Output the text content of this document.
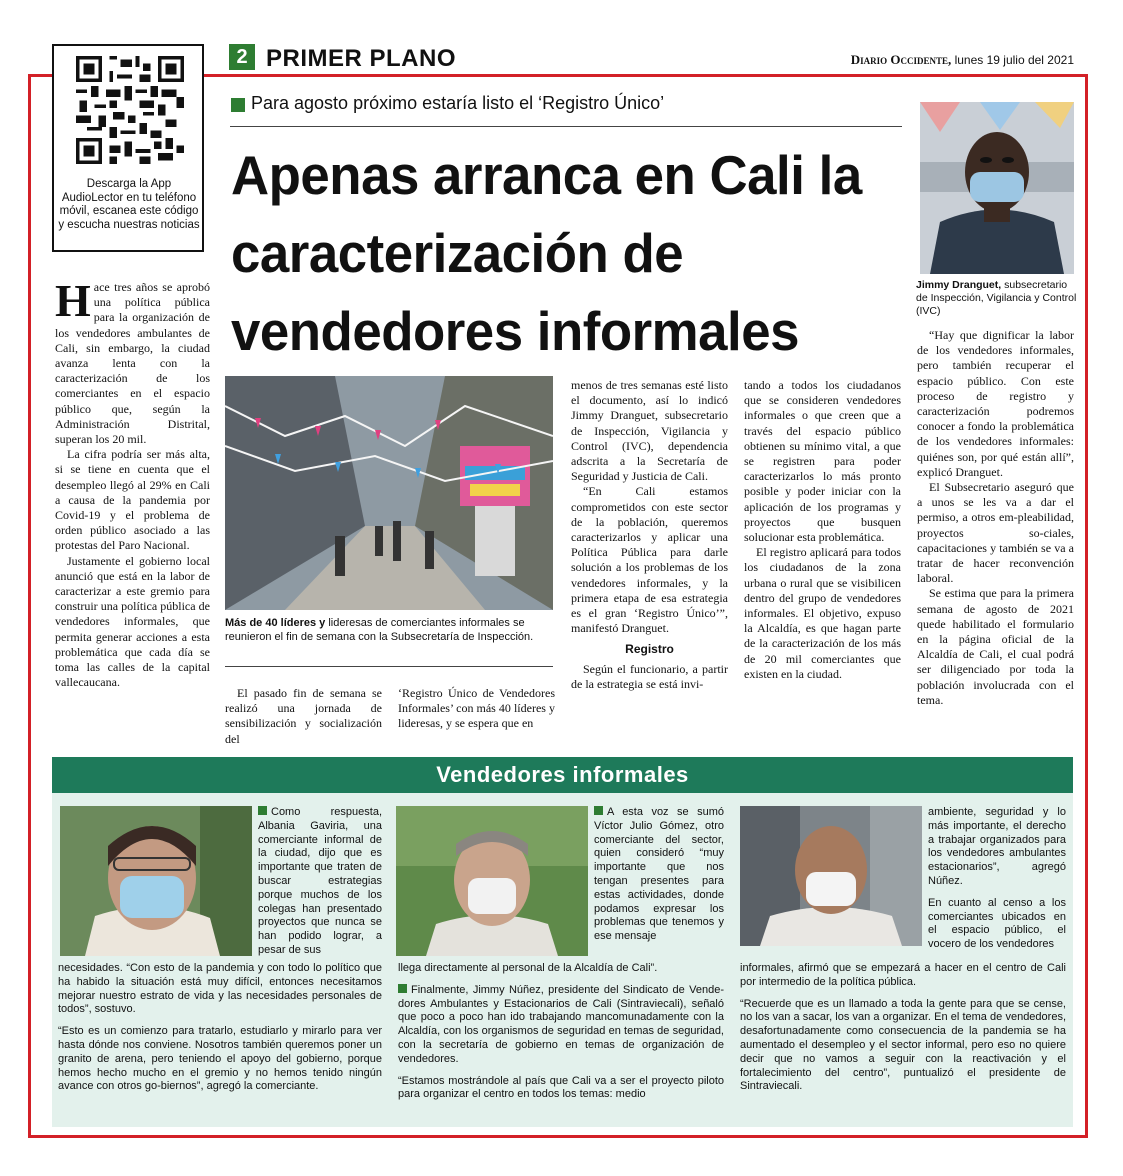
Descarga la App AudioLector en tu teléfono móvil, escanea este código y escucha nuestras noticias
2 PRIMER PLANO	Diario Occidente, lunes 19 julio del 2021
Para agosto próximo estaría listo el ‘Registro Único’
Apenas arranca en Cali la caracterización de vendedores informales
Jimmy Dranguet, subsecretario de Inspección, Vigilancia y Control (IVC)
Más de 40 líderes y lideresas de comerciantes informales se reunieron el fin de semana con la Subsecretaría de Inspección.

Hace tres años se aprobó una política pública para la organización de los vendedores ambulantes de Cali, sin embargo, la ciudad avanza lenta con la caracterización de los comerciantes en el espacio público que, según la Administración Distrital, superan los 20 mil.

La cifra podría ser más alta, si se tiene en cuenta que el desempleo llegó al 29% en Cali a causa de la pandemia por Covid-19 y el problema de orden público asociado a las protestas del Paro Nacional.

Justamente el gobierno local anunció que está en la labor de caracterizar a este gremio para construir una política pública de vendedores informales, que permita generar acciones a esta problemática que cada día se toma las calles de la capital vallecaucana.

El pasado fin de semana se realizó una jornada de sensibilización y socialización del

menos de tres semanas esté listo el documento, así lo indicó Jimmy Dranguet, subsecretario de Inspección, Vigilancia y Control (IVC), dependencia adscrita a la Secretaría de Seguridad y Justicia de Cali.

“En Cali estamos comprometidos con este sector de la población, queremos caracterizarlos y aplicar una Política Pública para darle solución a los problemas de los vendedores informales, y la primera etapa de esa estrategia es el gran ‘Registro Único’”, manifestó Dranguet.

Registro

Según el funcionario, a partir de la estrategia se está invi-

‘Registro Único de Vendedores Informales’ con más 40 líderes y lideresas, y se espera que en

tando a todos los ciudadanos que se consideren vendedores informales o que creen que a través del espacio público obtienen su mínimo vital, a que se registren para poder caracterizarlos lo más pronto posible y poder iniciar con la aplicación de los programas y proyectos que busquen solucionar esta problemática.

El registro aplicará para todos los ciudadanos de la zona urbana o rural que se visibilicen dentro del grupo de vendedores informales. El objetivo, expuso la Alcaldía, es que hagan parte de la caracterización de los más de 20 mil comerciantes que existen en la ciudad.

“Hay que dignificar la labor de los vendedores informales, pero también recuperar el espacio público. Con este proceso de registro y caracterización podremos conocer a fondo la problemática de los vendedores informales: quiénes son, por qué están allí”, explicó Dranguet.

El Subsecretario aseguró que a unos se les va a dar el permiso, a otros em-pleabilidad, proyectos so-ciales, capacitaciones y también se va a tratar de hacer reconvención laboral.

Se estima que para la primera semana de agosto de 2021 quede habilitado el formulario en la página oficial de la Alcaldía de Cali, el cual podrá ser diligenciado por toda la población involucrada con el tema.

Vendedores informales

Como respuesta, Albania Gaviria, una comerciante informal de la ciudad, dijo que es importante que traten de buscar estrategias porque muchos de los colegas han presentado proyectos que nunca se han podido lograr, a pesar de sus

necesidades. “Con esto de la pandemia y con todo lo político que ha habido la situación está muy difícil, entonces necesitamos mejorar nuestro estrato de vida y las necesidades personales de todos”, sostuvo.

“Esto es un comienzo para tratarlo, estudiarlo y mirarlo para ver hasta dónde nos conviene. Nosotros también queremos poner un granito de arena, pero teniendo el apoyo del gobierno, porque hemos hecho mucho en el gremio y no hemos tenido ningún avance con otros go-biernos”, agregó la comerciante.

A esta voz se sumó Víctor Julio Gómez, otro comerciante del sector, quien consideró “muy importante que nos tengan presentes para estas actividades, donde podamos expresar los problemas que tenemos y ese mensaje

llega directamente al personal de la Alcaldía de Cali”.

Finalmente, Jimmy Núñez, presidente del Sindicato de Vende-dores Ambulantes y Estacionarios de Cali (Sintraviecali), señaló que poco a poco han ido trabajando mancomunadamente con la Alcaldía, con los organismos de seguridad en temas de seguridad, con la secretaría de gobierno en temas de organización de vendedores.

“Estamos mostrándole al país que Cali va a ser el proyecto piloto para organizar el centro en todos los temas: medio

ambiente, seguridad y lo más importante, el derecho a trabajar organizados para los vendedores ambulantes estacionarios”, agregó Núñez.

En cuanto al censo a los comerciantes ubicados en el espacio público, el vocero de los vendedores

informales, afirmó que se empezará a hacer en el centro de Cali por intermedio de la política pública.

“Recuerde que es un llamado a toda la gente para que se cense, no los van a sacar, los van a organizar. En el tema de vendedores, desafortunadamente como consecuencia de la pandemia se ha aumentado el desempleo y el sector informal, pero eso no quiere decir que no vamos a seguir con la reactivación y el fortalecimiento del centro”, puntualizó el presidente de Sintraviecali.
